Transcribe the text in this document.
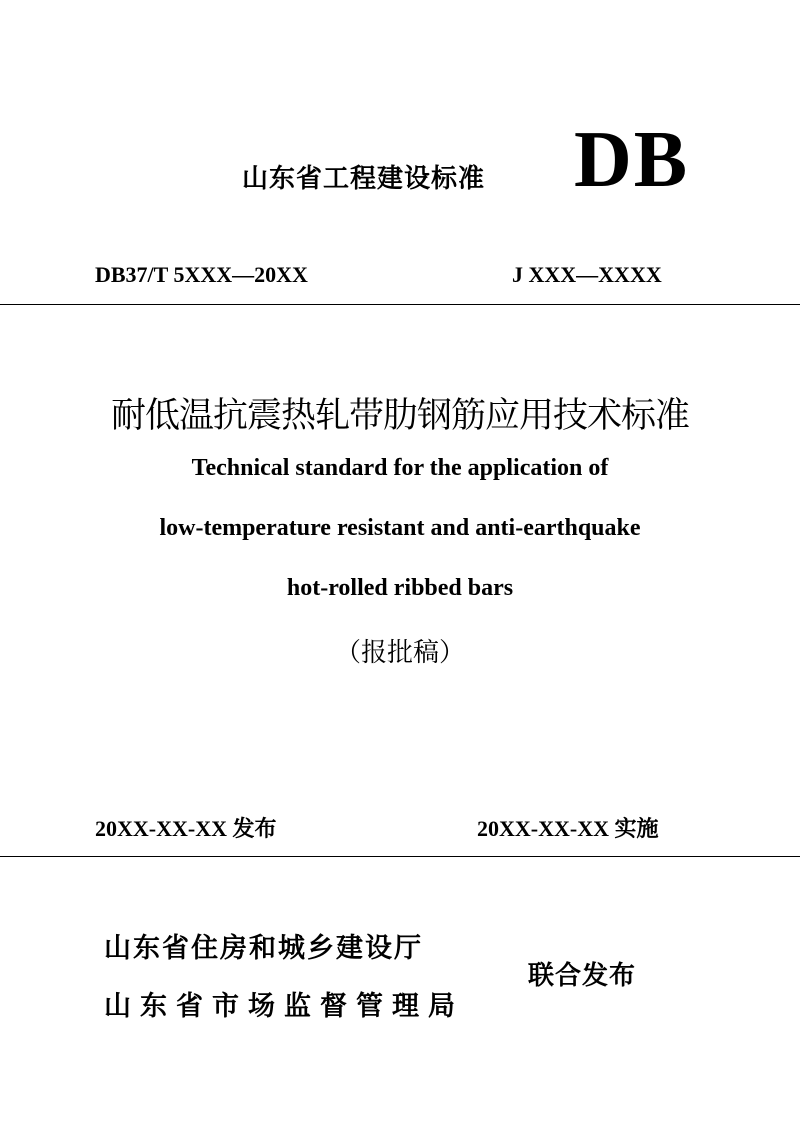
山东省工程建设标准 DB
DB37/T 5XXX—20XX	J XXX—XXXX
耐低温抗震热轧带肋钢筋应用技术标准
Technical standard for the application of
low-temperature resistant and anti-earthquake
hot-rolled ribbed bars
（报批稿）
20XX-XX-XX 发布	20XX-XX-XX 实施
山东省住房和城乡建设厅
山东省市场监督管理局
联合发布
